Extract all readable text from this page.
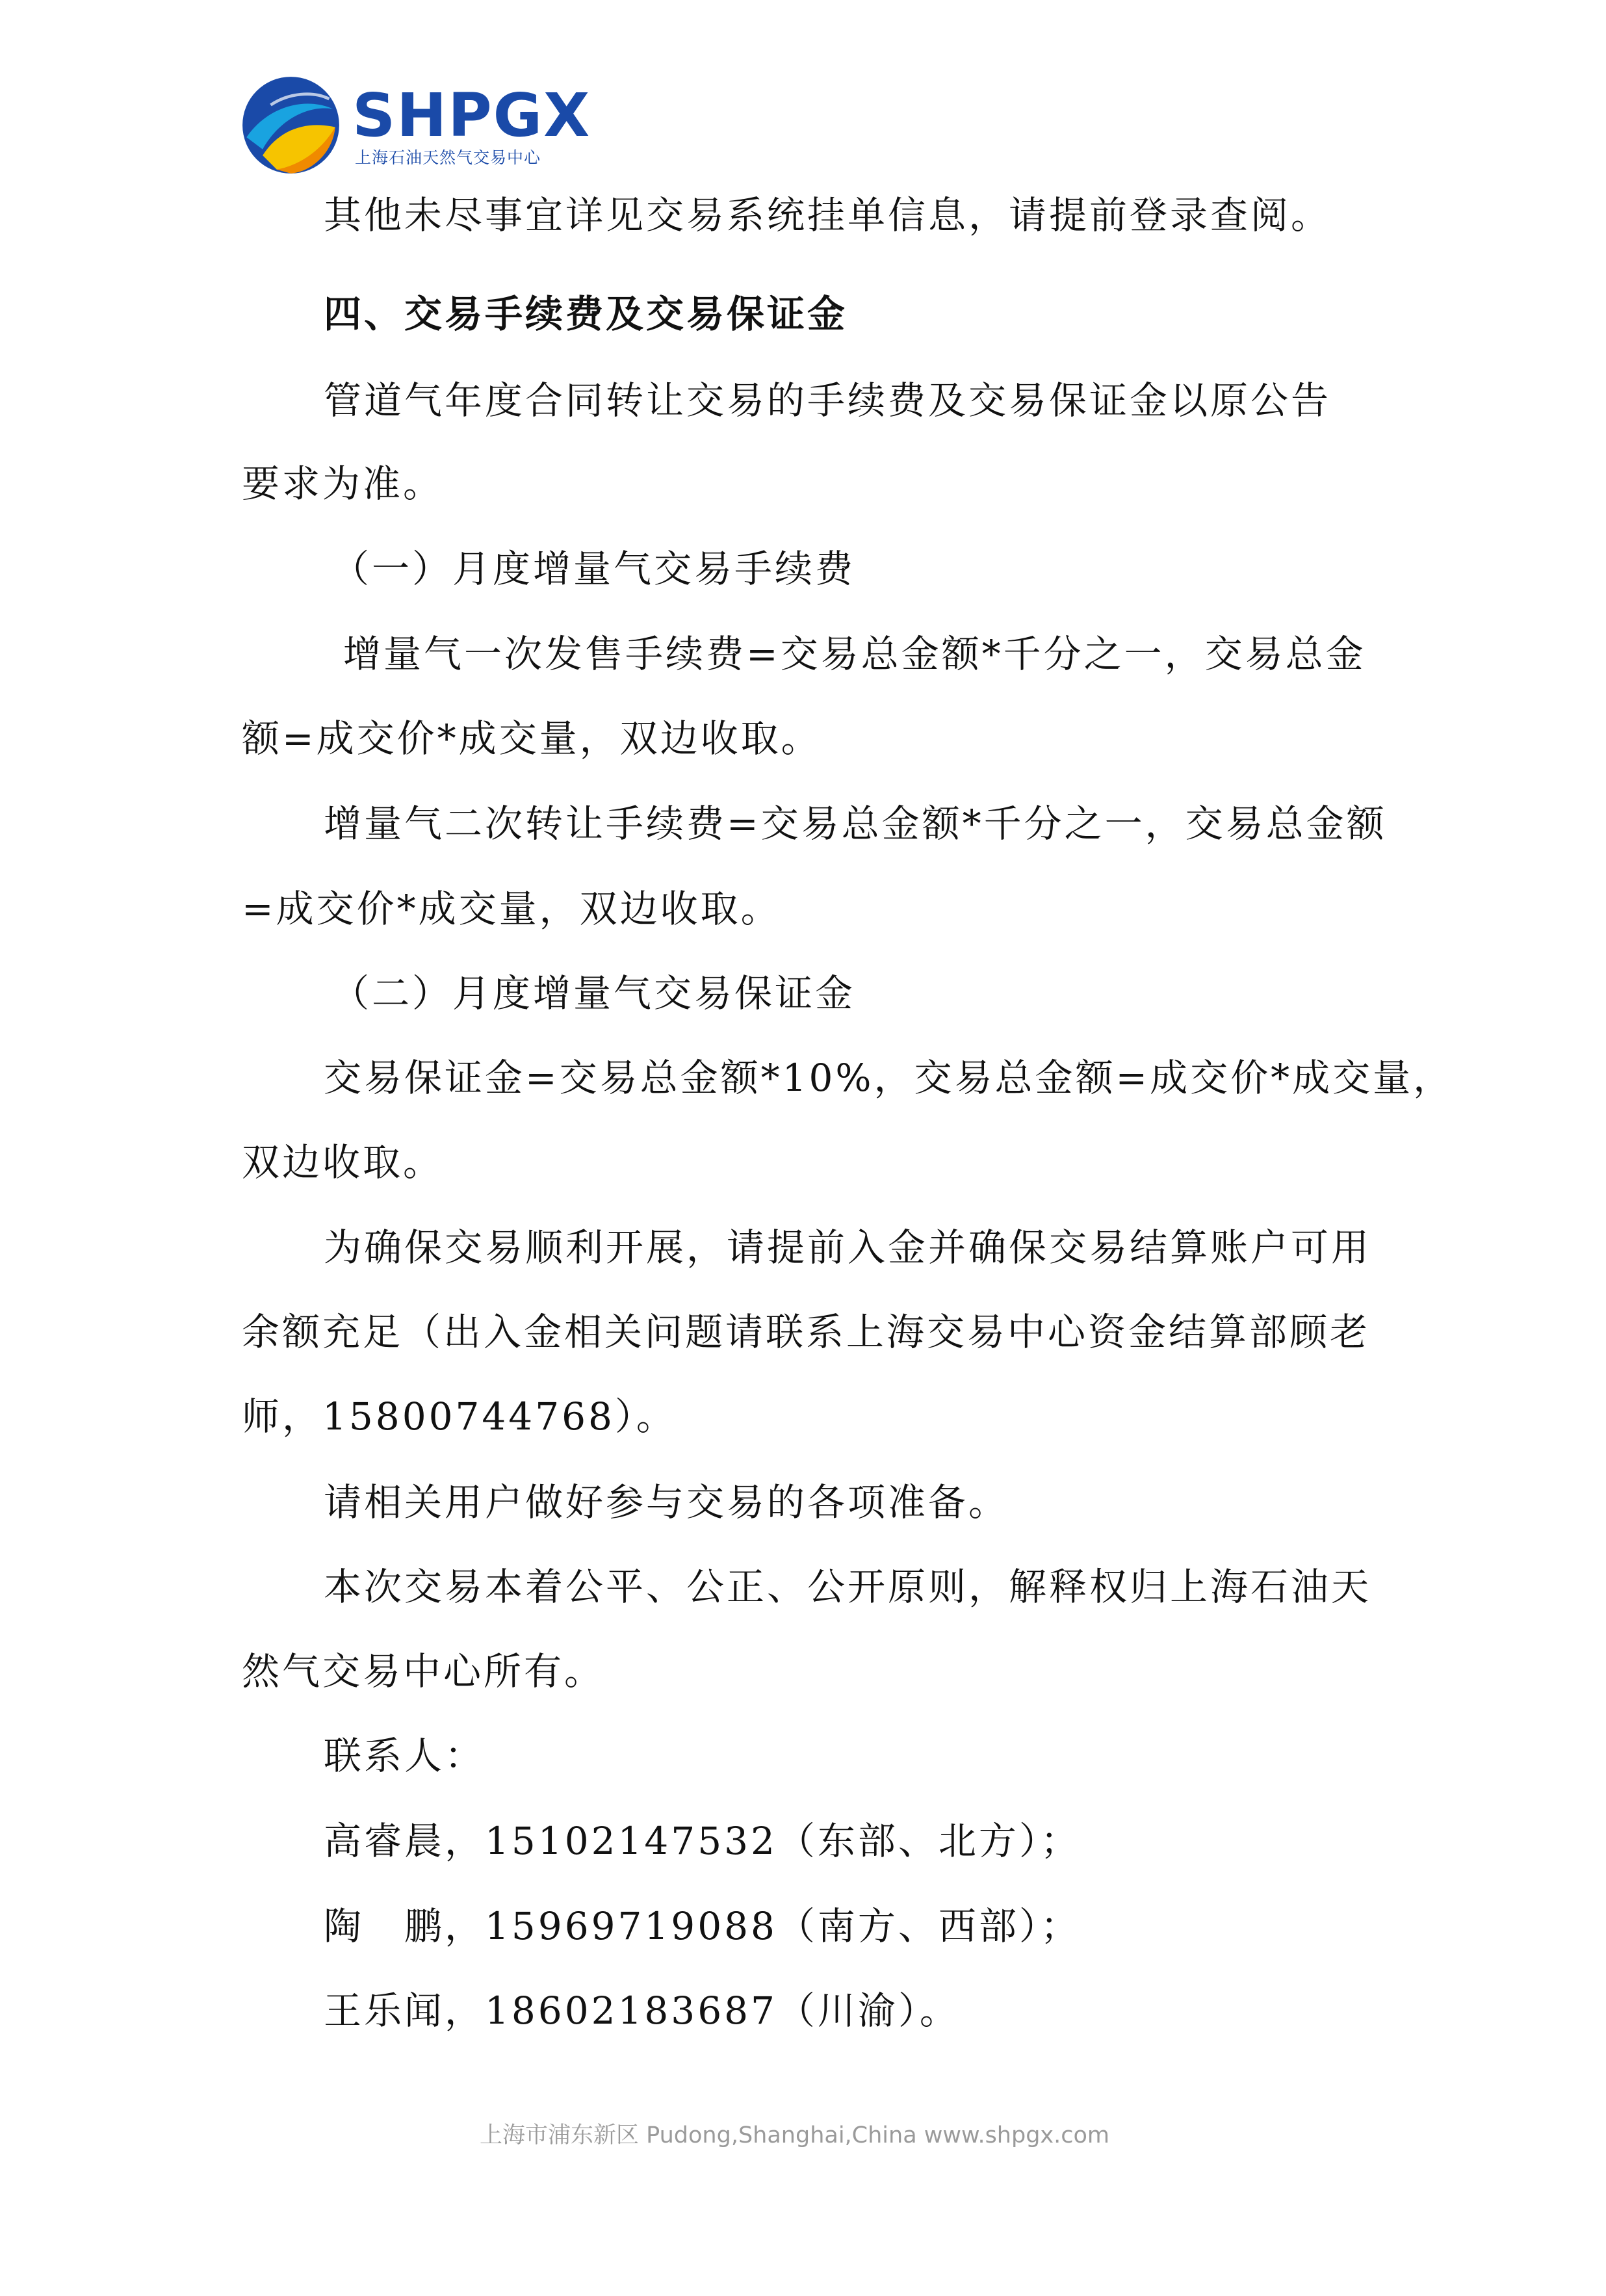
SHPGX
上海石油天然气交易中心
其他未尽事宜详见交易系统挂单信息，请提前登录查阅。
四、交易手续费及交易保证金
管道气年度合同转让交易的手续费及交易保证金以原公告
要求为准。
（一）月度增量气交易手续费
增量气一次发售手续费=交易总金额*千分之一，交易总金
额=成交价*成交量，双边收取。
增量气二次转让手续费=交易总金额*千分之一，交易总金额
=成交价*成交量，双边收取。
（二）月度增量气交易保证金
交易保证金=交易总金额*10%，交易总金额=成交价*成交量，
双边收取。
为确保交易顺利开展，请提前入金并确保交易结算账户可用
余额充足（出入金相关问题请联系上海交易中心资金结算部顾老
师，15800744768）。
请相关用户做好参与交易的各项准备。
本次交易本着公平、公正、公开原则，解释权归上海石油天
然气交易中心所有。
联系人：
高睿晨，15102147532（东部、北方）；
陶　鹏，15969719088（南方、西部）；
王乐闻，18602183687（川渝）。
上海市浦东新区 Pudong,Shanghai,China www.shpgx.com
